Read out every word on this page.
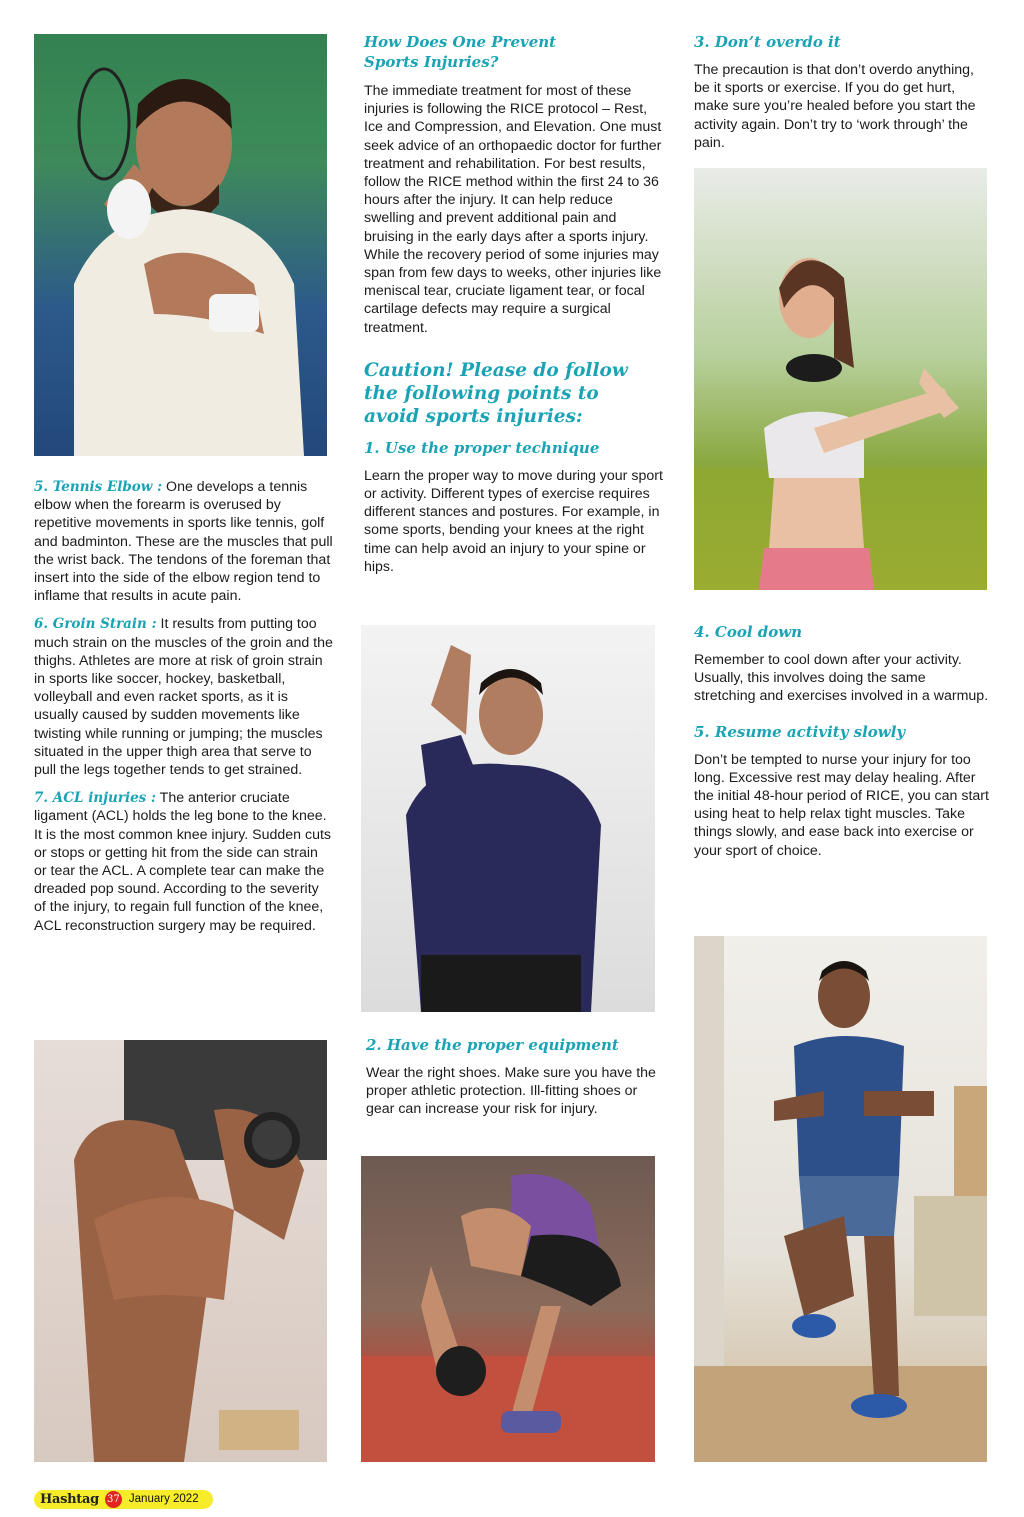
5. Tennis Elbow : One develops a tennis elbow when the forearm is overused by repetitive movements in sports like tennis, golf and badminton. These are the muscles that pull the wrist back. The tendons of the foreman that insert into the side of the elbow region tend to inflame that results in acute pain.

6. Groin Strain : It results from putting too much strain on the muscles of the groin and the thighs. Athletes are more at risk of groin strain in sports like soccer, hockey, basketball, volleyball and even racket sports, as it is usually caused by sudden movements like twisting while running or jumping; the muscles situated in the upper thigh area that serve to pull the legs together tends to get strained.

7. ACL injuries : The anterior cruciate ligament (ACL) holds the leg bone to the knee. It is the most common knee injury. Sudden cuts or stops or getting hit from the side can strain or tear the ACL. A complete tear can make the dreaded pop sound. According to the severity of the injury, to regain full function of the knee, ACL reconstruction surgery may be required.

How Does One Prevent Sports Injuries?

The immediate treatment for most of these injuries is following the RICE protocol – Rest, Ice and Compression, and Elevation. One must seek advice of an orthopaedic doctor for further treatment and rehabilitation. For best results, follow the RICE method within the first 24 to 36 hours after the injury. It can help reduce swelling and prevent additional pain and bruising in the early days after a sports injury. While the recovery period of some injuries may span from few days to weeks, other injuries like meniscal tear, cruciate ligament tear, or focal cartilage defects may require a surgical treatment.

Caution! Please do follow the following points to avoid sports injuries:
1. Use the proper technique

Learn the proper way to move during your sport or activity. Different types of exercise requires different stances and postures. For example, in some sports, bending your knees at the right time can help avoid an injury to your spine or hips.

2. Have the proper equipment

Wear the right shoes. Make sure you have the proper athletic protection. Ill-fitting shoes or gear can increase your risk for injury.

3. Don’t overdo it

The precaution is that don’t overdo anything, be it sports or exercise. If you do get hurt, make sure you’re healed before you start the activity again. Don’t try to ‘work through’ the pain.

4. Cool down

Remember to cool down after your activity. Usually, this involves doing the same stretching and exercises involved in a warmup.

5. Resume activity slowly

Don’t be tempted to nurse your injury for too long. Excessive rest may delay healing. After the initial 48-hour period of RICE, you can start using heat to help relax tight muscles. Take things slowly, and ease back into exercise or your sport of choice.

Hashtag 37 January 2022
